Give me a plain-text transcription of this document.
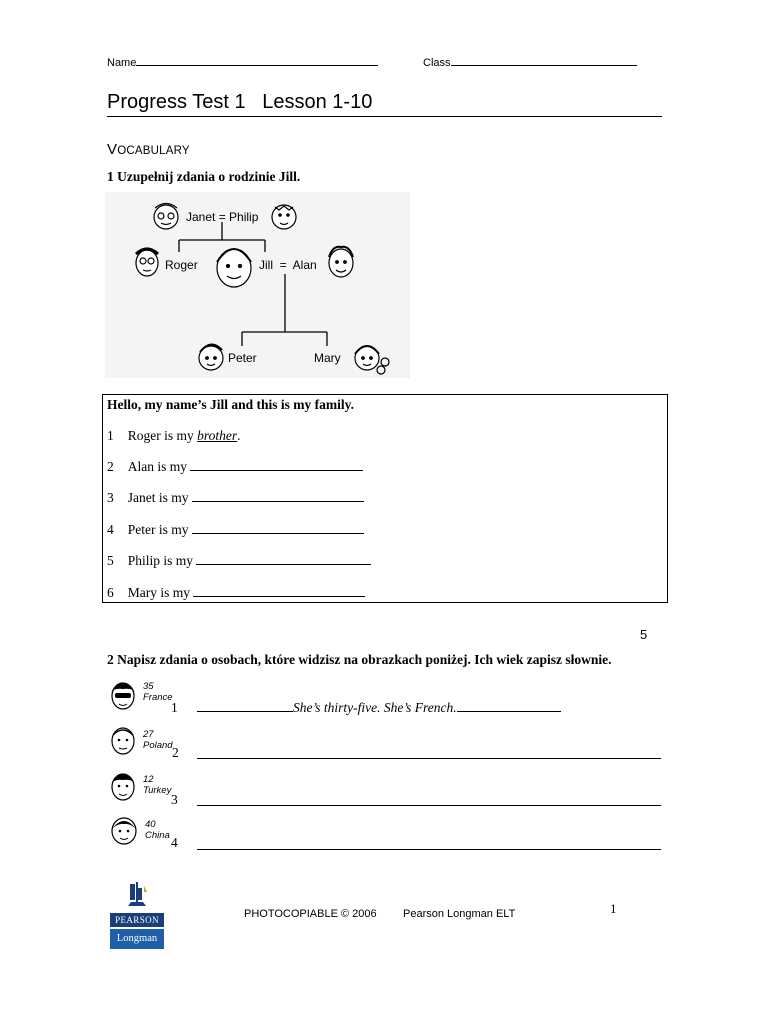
Name	Class
Progress Test 1   Lesson 1-10
VOCABULARY
1 Uzupełnij zdania o rodzinie Jill.
Janet = Philip
Roger	Jill  =  Alan
Peter	Mary
Hello, my name’s Jill and this is my family.
1 Roger is my brother.
2 Alan is my
3 Janet is my
4 Peter is my
5 Philip is my
6 Mary is my
5
2 Napisz zdania o osobach, które widzisz na obrazkach poniżej. Ich wiek zapisz słownie.
35
France
1	She’s thirty-five. She’s French.
27
Poland 2
12
Turkey
3
40
China 4
PEARSON
Longman
PHOTOCOPIABLE © 2006 Pearson Longman ELT	1
